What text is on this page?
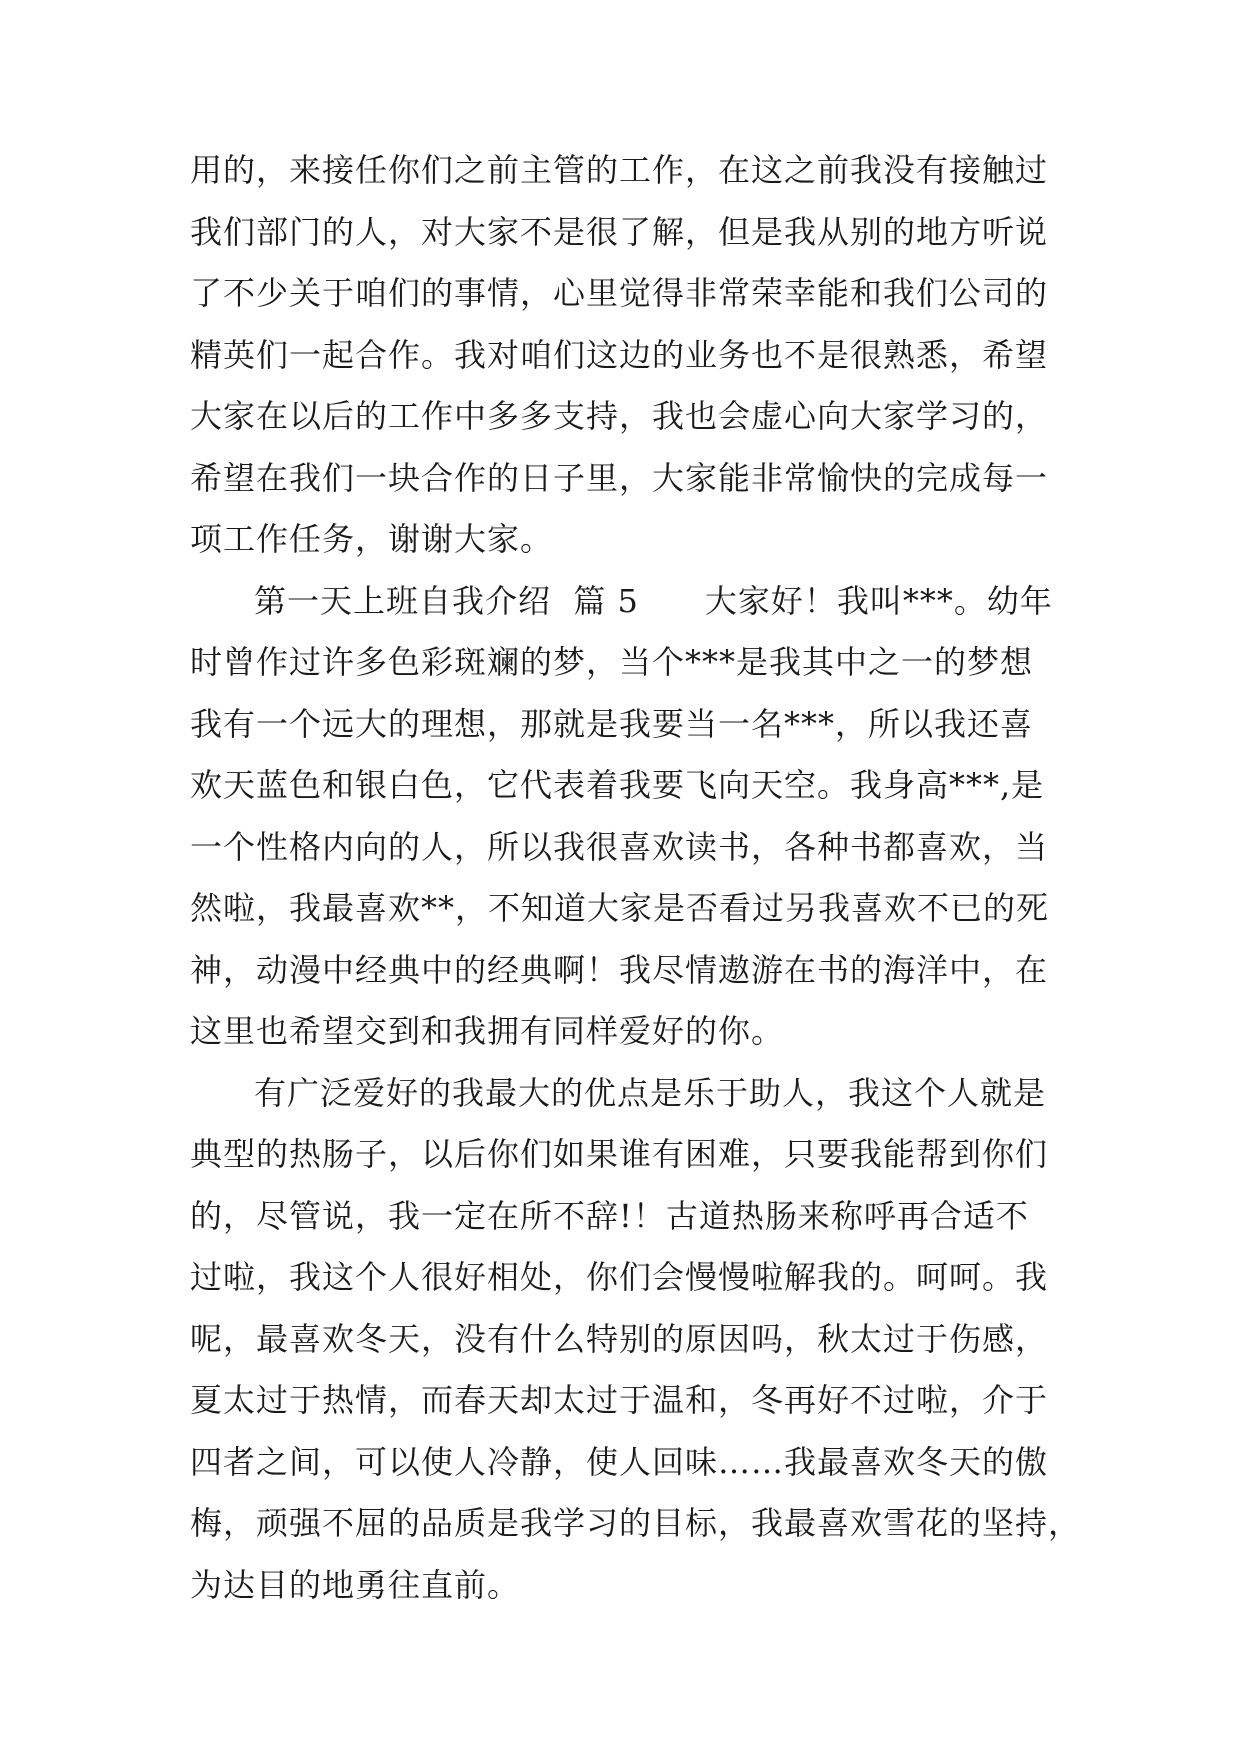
用的，来接任你们之前主管的工作，在这之前我没有接触过
我们部门的人，对大家不是很了解，但是我从别的地方听说
了不少关于咱们的事情，心里觉得非常荣幸能和我们公司的
精英们一起合作。我对咱们这边的业务也不是很熟悉，希望
大家在以后的工作中多多支持，我也会虚心向大家学习的，
希望在我们一块合作的日子里，大家能非常愉快的完成每一
项工作任务，谢谢大家。
第一天上班自我介绍  篇 5 大家好！我叫***。幼年
时曾作过许多色彩斑斓的梦，当个***是我其中之一的梦想
我有一个远大的理想，那就是我要当一名***，所以我还喜
欢天蓝色和银白色，它代表着我要飞向天空。我身高***,是
一个性格内向的人，所以我很喜欢读书，各种书都喜欢，当
然啦，我最喜欢**，不知道大家是否看过另我喜欢不已的死
神，动漫中经典中的经典啊！我尽情遨游在书的海洋中，在
这里也希望交到和我拥有同样爱好的你。
有广泛爱好的我最大的优点是乐于助人，我这个人就是
典型的热肠子，以后你们如果谁有困难，只要我能帮到你们
的，尽管说，我一定在所不辞!！古道热肠来称呼再合适不
过啦，我这个人很好相处，你们会慢慢啦解我的。呵呵。我
呢，最喜欢冬天，没有什么特别的原因吗，秋太过于伤感，
夏太过于热情，而春天却太过于温和，冬再好不过啦，介于
四者之间，可以使人冷静，使人回味……我最喜欢冬天的傲
梅，顽强不屈的品质是我学习的目标，我最喜欢雪花的坚持，
为达目的地勇往直前。
